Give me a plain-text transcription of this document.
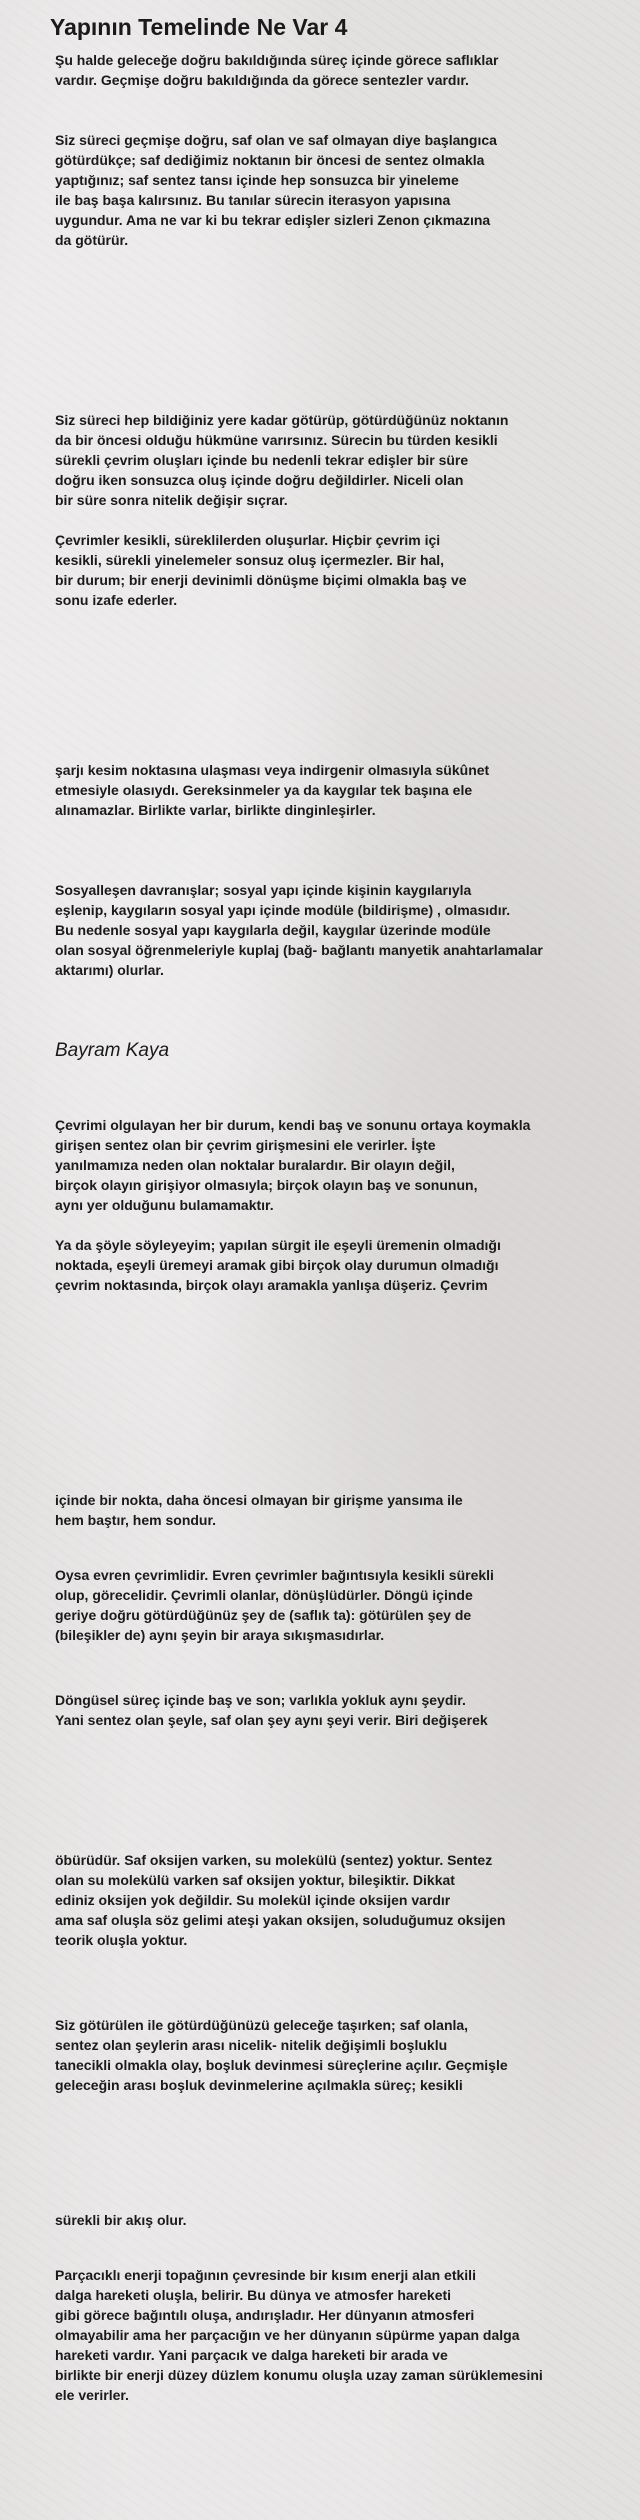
Yapının Temelinde Ne Var 4
Şu halde geleceğe doğru bakıldığında süreç içinde görece saflıklar
vardır. Geçmişe doğru bakıldığında da görece sentezler vardır.
Siz süreci geçmişe doğru, saf olan ve saf olmayan diye başlangıca
götürdükçe; saf dediğimiz noktanın bir öncesi de sentez olmakla
yaptığınız; saf sentez tansı içinde hep sonsuzca bir yineleme
ile baş başa kalırsınız. Bu tanılar sürecin iterasyon yapısına
uygundur. Ama ne var ki bu tekrar edişler sizleri Zenon çıkmazına
da götürür.
Siz süreci hep bildiğiniz yere kadar götürüp, götürdüğünüz noktanın
da bir öncesi olduğu hükmüne varırsınız. Sürecin bu türden kesikli
sürekli çevrim oluşları içinde bu nedenli tekrar edişler bir süre
doğru iken sonsuzca oluş içinde doğru değildirler. Niceli olan
bir süre sonra nitelik değişir sıçrar.
Çevrimler kesikli, süreklilerden oluşurlar. Hiçbir çevrim içi
kesikli, sürekli yinelemeler sonsuz oluş içermezler. Bir hal,
bir durum; bir enerji devinimli dönüşme biçimi olmakla baş ve
sonu izafe ederler.
şarjı kesim noktasına ulaşması veya indirgenir olmasıyla sükûnet
etmesiyle olasıydı. Gereksinmeler ya da kaygılar tek başına ele
alınamazlar. Birlikte varlar, birlikte dinginleşirler.
Sosyalleşen davranışlar; sosyal yapı içinde kişinin kaygılarıyla
eşlenip, kaygıların sosyal yapı içinde modüle (bildirişme) , olmasıdır.
Bu nedenle sosyal yapı kaygılarla değil, kaygılar üzerinde modüle
olan sosyal öğrenmeleriyle kuplaj (bağ- bağlantı manyetik anahtarlamalar
aktarımı) olurlar.
Çevrimi olgulayan her bir durum, kendi baş ve sonunu ortaya koymakla
girişen sentez olan bir çevrim girişmesini ele verirler. İşte
yanılmamıza neden olan noktalar buralardır. Bir olayın değil,
birçok olayın girişiyor olmasıyla; birçok olayın baş ve sonunun,
aynı yer olduğunu bulamamaktır.
Ya da şöyle söyleyeyim; yapılan sürgit ile eşeyli üremenin olmadığı
noktada, eşeyli üremeyi aramak gibi birçok olay durumun olmadığı
çevrim noktasında, birçok olayı aramakla yanlışa düşeriz. Çevrim
içinde bir nokta, daha öncesi olmayan bir girişme yansıma ile
hem baştır, hem sondur.
Oysa evren çevrimlidir. Evren çevrimler bağıntısıyla kesikli sürekli
olup, görecelidir. Çevrimli olanlar, dönüşlüdürler. Döngü içinde
geriye doğru götürdüğünüz şey de (saflık ta): götürülen şey de
(bileşikler de) aynı şeyin bir araya sıkışmasıdırlar.
Döngüsel süreç içinde baş ve son; varlıkla yokluk aynı şeydir.
Yani sentez olan şeyle, saf olan şey aynı şeyi verir. Biri değişerek
öbürüdür. Saf oksijen varken, su molekülü (sentez) yoktur. Sentez
olan su molekülü varken saf oksijen yoktur, bileşiktir. Dikkat
ediniz oksijen yok değildir. Su molekül içinde oksijen vardır
ama saf oluşla söz gelimi ateşi yakan oksijen, soluduğumuz oksijen
teorik oluşla yoktur.
Siz götürülen ile götürdüğünüzü geleceğe taşırken; saf olanla,
sentez olan şeylerin arası nicelik- nitelik değişimli boşluklu
tanecikli olmakla olay, boşluk devinmesi süreçlerine açılır. Geçmişle
geleceğin arası boşluk devinmelerine açılmakla süreç; kesikli
sürekli bir akış olur.
Parçacıklı enerji topağının çevresinde bir kısım enerji alan etkili
dalga hareketi oluşla, belirir. Bu dünya ve atmosfer hareketi
gibi görece bağıntılı oluşa, andırışladır. Her dünyanın atmosferi
olmayabilir ama her parçacığın ve her dünyanın süpürme yapan dalga
hareketi vardır. Yani parçacık ve dalga hareketi bir arada ve
birlikte bir enerji düzey düzlem konumu oluşla uzay zaman sürüklemesini
ele verirler.

Bayram Kaya
